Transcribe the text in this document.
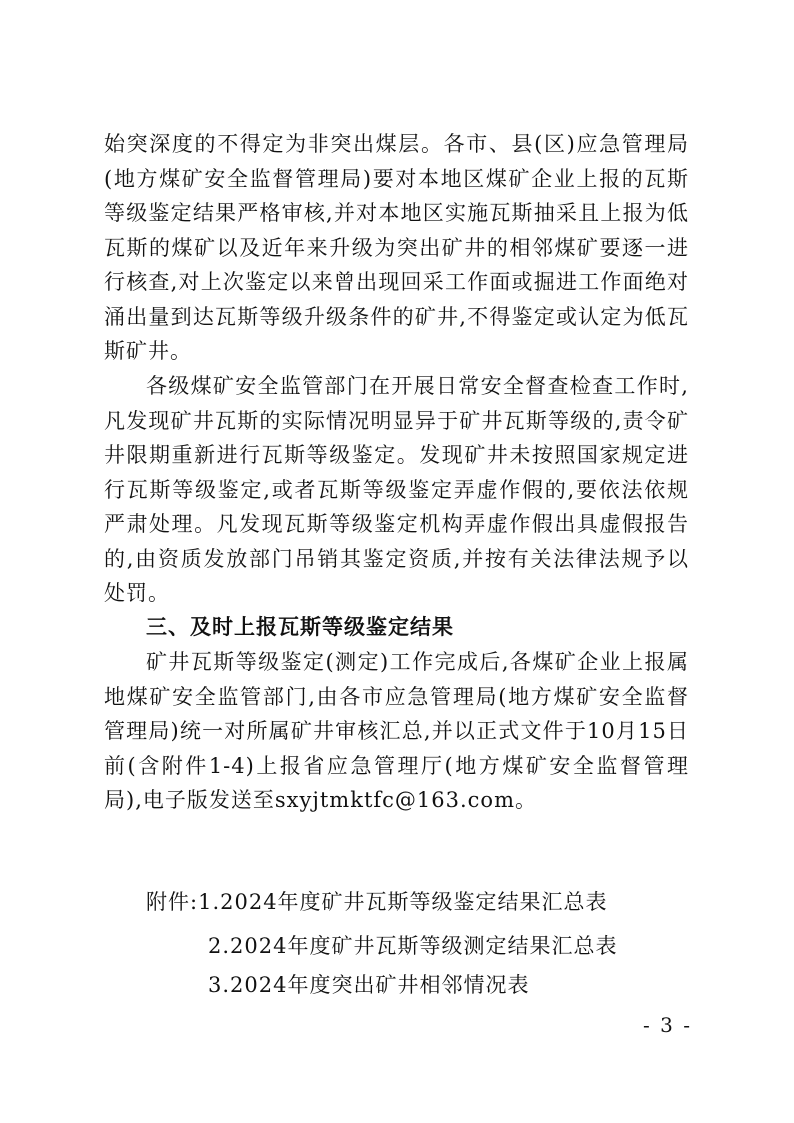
始突深度的不得定为非突出煤层。各市、县(区)应急管理局(地方煤矿安全监督管理局)要对本地区煤矿企业上报的瓦斯等级鉴定结果严格审核,并对本地区实施瓦斯抽采且上报为低瓦斯的煤矿以及近年来升级为突出矿井的相邻煤矿要逐一进行核查,对上次鉴定以来曾出现回采工作面或掘进工作面绝对涌出量到达瓦斯等级升级条件的矿井,不得鉴定或认定为低瓦斯矿井。

各级煤矿安全监管部门在开展日常安全督查检查工作时,凡发现矿井瓦斯的实际情况明显异于矿井瓦斯等级的,责令矿井限期重新进行瓦斯等级鉴定。发现矿井未按照国家规定进行瓦斯等级鉴定,或者瓦斯等级鉴定弄虚作假的,要依法依规严肃处理。凡发现瓦斯等级鉴定机构弄虚作假出具虚假报告的,由资质发放部门吊销其鉴定资质,并按有关法律法规予以处罚。

三、及时上报瓦斯等级鉴定结果

矿井瓦斯等级鉴定(测定)工作完成后,各煤矿企业上报属地煤矿安全监管部门,由各市应急管理局(地方煤矿安全监督管理局)统一对所属矿井审核汇总,并以正式文件于10月15日前(含附件1-4)上报省应急管理厅(地方煤矿安全监督管理局),电子版发送至sxyjtmktfc@163.com。

附件:1.2024年度矿井瓦斯等级鉴定结果汇总表
2.2024年度矿井瓦斯等级测定结果汇总表
3.2024年度突出矿井相邻情况表
- 3 -
